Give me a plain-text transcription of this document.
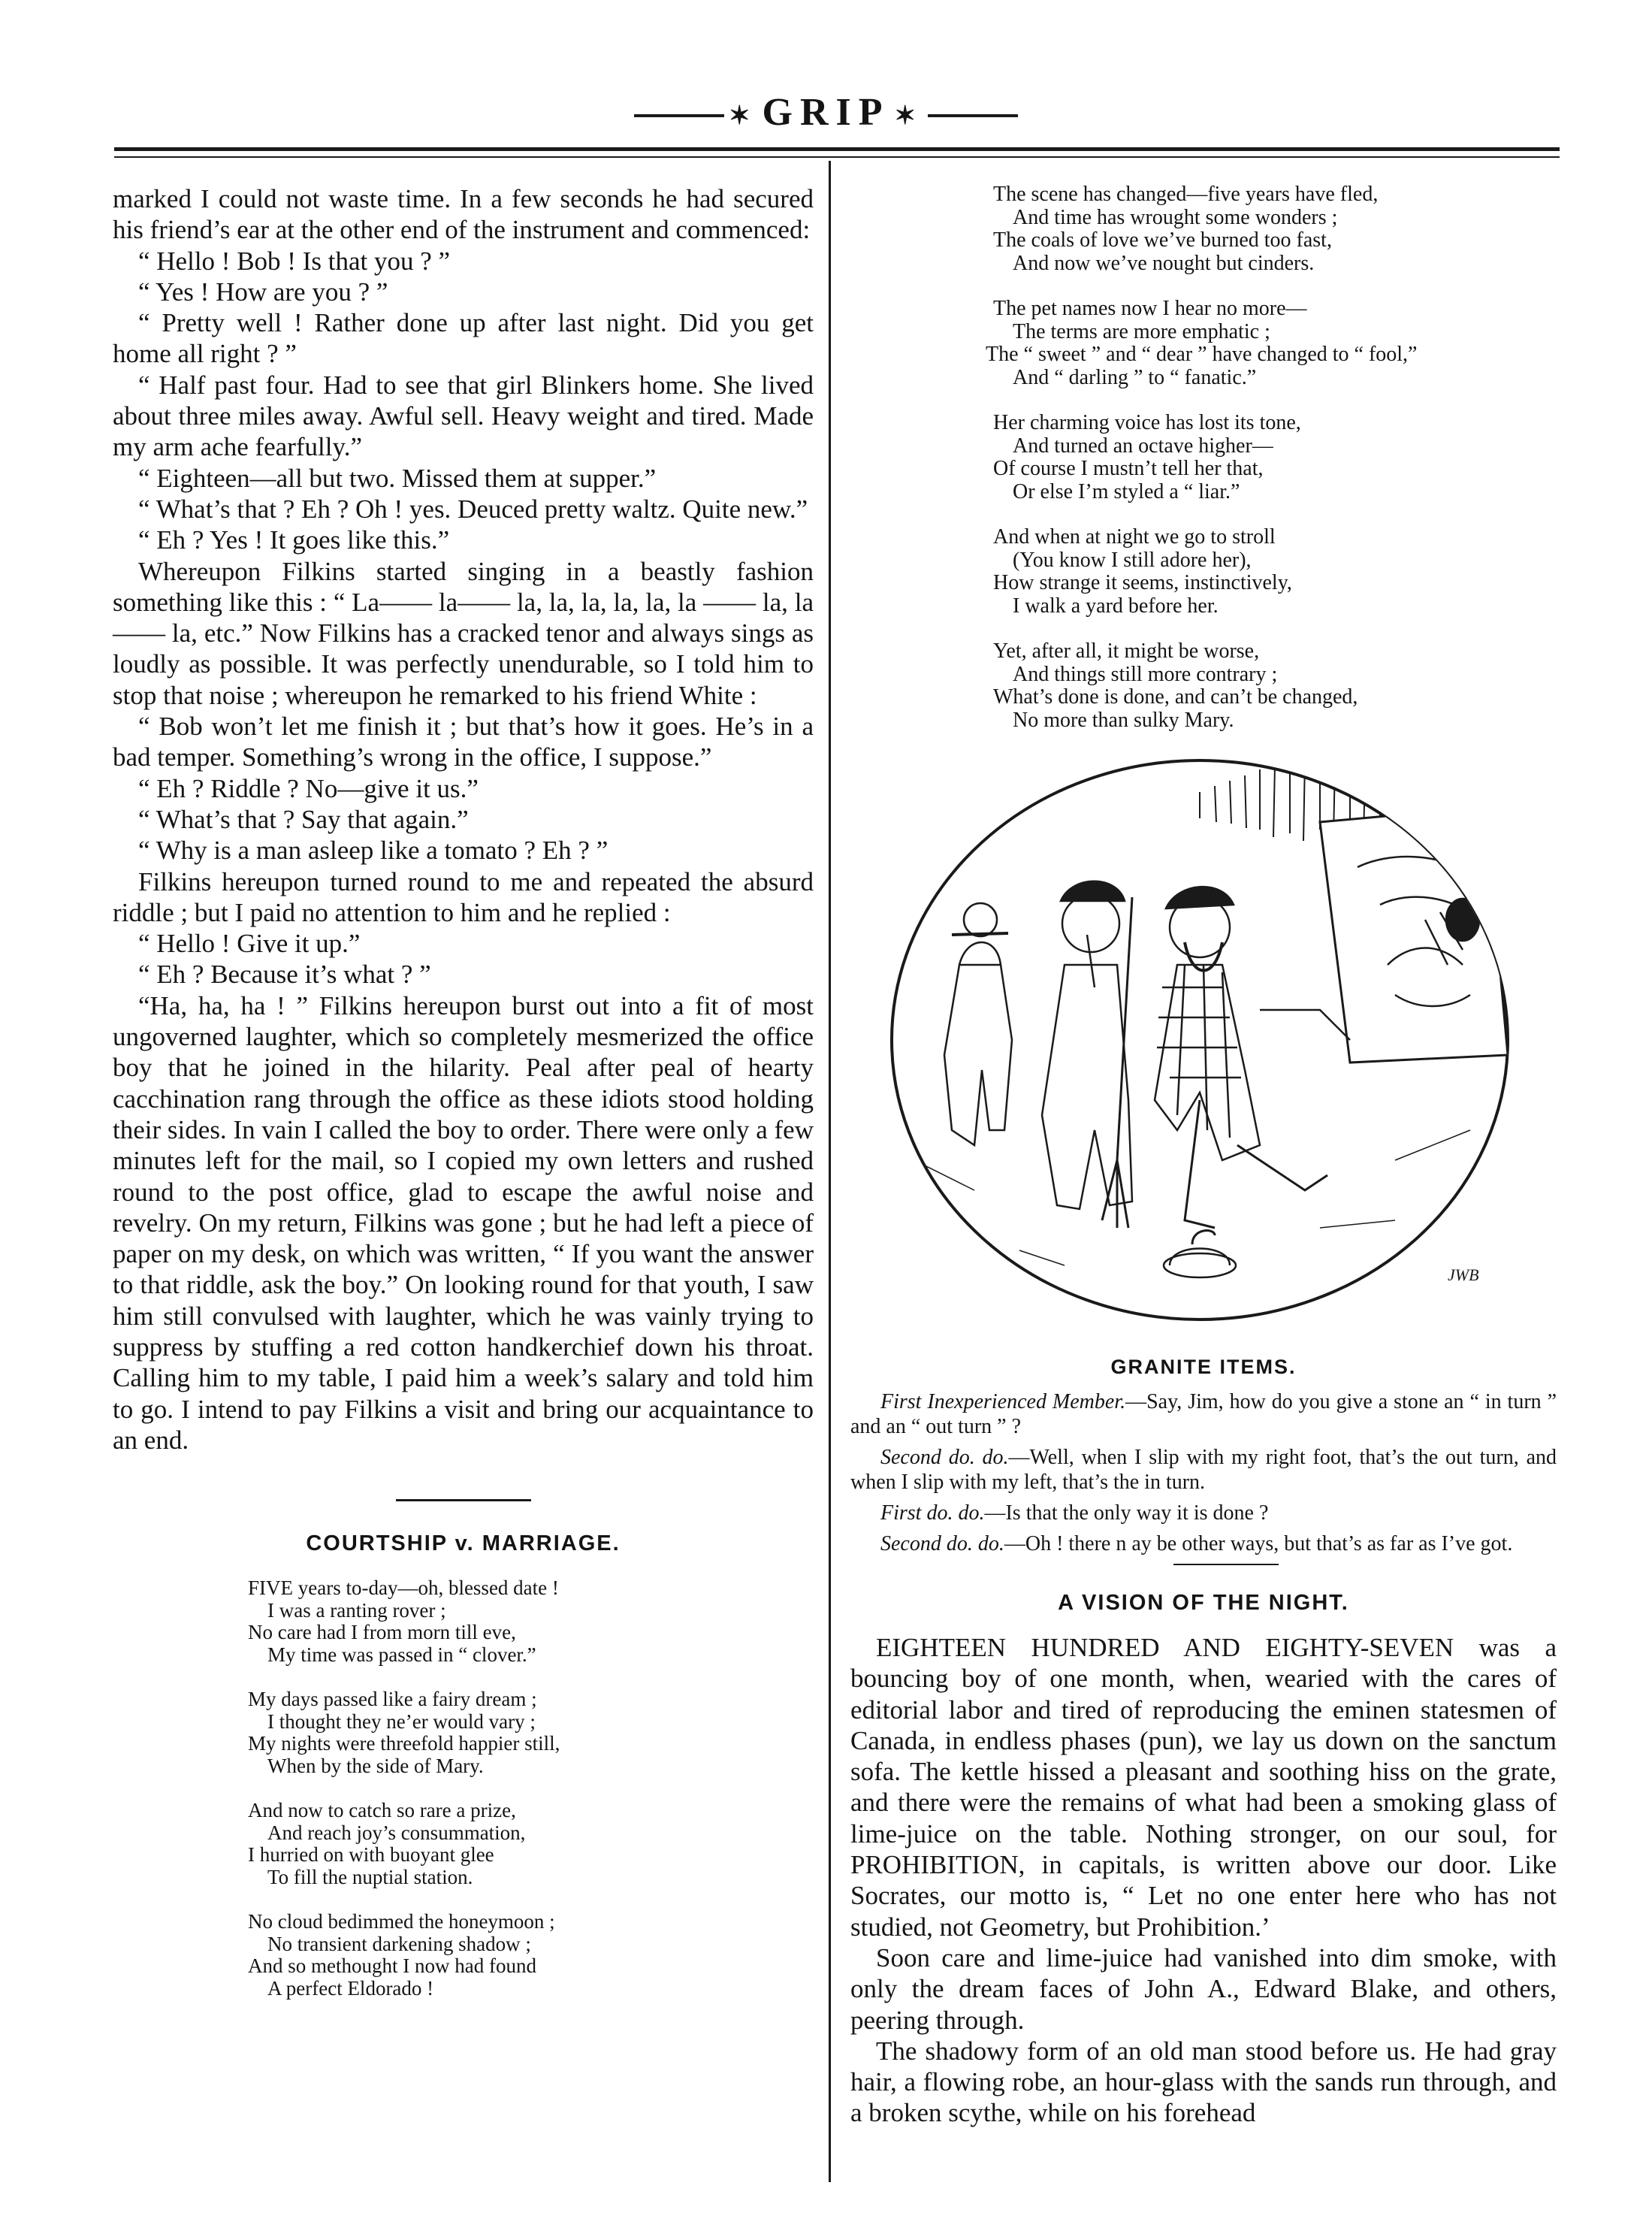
✶ GRIP ✶

marked I could not waste time. In a few seconds he had secured his friend’s ear at the other end of the instrument and commenced:

“ Hello ! Bob ! Is that you ? ”

“ Yes ! How are you ? ”

“ Pretty well ! Rather done up after last night. Did you get home all right ? ”

“ Half past four. Had to see that girl Blinkers home. She lived about three miles away. Awful sell. Heavy weight and tired. Made my arm ache fearfully.”

“ Eighteen—all but two. Missed them at supper.”

“ What’s that ? Eh ? Oh ! yes. Deuced pretty waltz. Quite new.”

“ Eh ? Yes ! It goes like this.”

Whereupon Filkins started singing in a beastly fashion something like this : “ La—— la—— la, la, la, la, la, la —— la, la—— la, etc.” Now Filkins has a cracked tenor and always sings as loudly as possible. It was perfectly unendurable, so I told him to stop that noise ; whereupon he remarked to his friend White :

“ Bob won’t let me finish it ; but that’s how it goes. He’s in a bad temper. Something’s wrong in the office, I suppose.”

“ Eh ? Riddle ? No—give it us.”

“ What’s that ? Say that again.”

“ Why is a man asleep like a tomato ? Eh ? ”

Filkins hereupon turned round to me and repeated the absurd riddle ; but I paid no attention to him and he replied :

“ Hello ! Give it up.”

“ Eh ? Because it’s what ? ”

“Ha, ha, ha ! ” Filkins hereupon burst out into a fit of most ungoverned laughter, which so completely mesmerized the office boy that he joined in the hilarity. Peal after peal of hearty cacchination rang through the office as these idiots stood holding their sides. In vain I called the boy to order. There were only a few minutes left for the mail, so I copied my own letters and rushed round to the post office, glad to escape the awful noise and revelry. On my return, Filkins was gone ; but he had left a piece of paper on my desk, on which was written, “ If you want the answer to that riddle, ask the boy.” On looking round for that youth, I saw him still convulsed with laughter, which he was vainly trying to suppress by stuffing a red cotton handkerchief down his throat. Calling him to my table, I paid him a week’s salary and told him to go. I intend to pay Filkins a visit and bring our acquaintance to an end.

COURTSHIP v. MARRIAGE.
FIVE years to-day—oh, blessed date !
I was a ranting rover ;
No care had I from morn till eve,
My time was passed in “ clover.”
My days passed like a fairy dream ;
I thought they ne’er would vary ;
My nights were threefold happier still,
When by the side of Mary.
And now to catch so rare a prize,
And reach joy’s consummation,
I hurried on with buoyant glee
To fill the nuptial station.
No cloud bedimmed the honeymoon ;
No transient darkening shadow ;
And so methought I now had found
A perfect Eldorado !
The scene has changed—five years have fled,
And time has wrought some wonders ;
The coals of love we’ve burned too fast,
And now we’ve nought but cinders.
The pet names now I hear no more—
The terms are more emphatic ;
The “ sweet ” and “ dear ” have changed to “ fool,”
And “ darling ” to “ fanatic.”
Her charming voice has lost its tone,
And turned an octave higher—
Of course I mustn’t tell her that,
Or else I’m styled a “ liar.”
And when at night we go to stroll
(You know I still adore her),
How strange it seems, instinctively,
I walk a yard before her.
Yet, after all, it might be worse,
And things still more contrary ;
What’s done is done, and can’t be changed,
No more than sulky Mary.
JWB
GRANITE ITEMS.

First Inexperienced Member.—Say, Jim, how do you give a stone an “ in turn ” and an “ out turn ” ?

Second do. do.—Well, when I slip with my right foot, that’s the out turn, and when I slip with my left, that’s the in turn.

First do. do.—Is that the only way it is done ?

Second do. do.—Oh ! there n ay be other ways, but that’s as far as I’ve got.

A VISION OF THE NIGHT.

EIGHTEEN HUNDRED AND EIGHTY-SEVEN was a bouncing boy of one month, when, wearied with the cares of editorial labor and tired of reproducing the eminen statesmen of Canada, in endless phases (pun), we lay us down on the sanctum sofa. The kettle hissed a pleasant and soothing hiss on the grate, and there were the remains of what had been a smoking glass of lime-juice on the table. Nothing stronger, on our soul, for PROHIBITION, in capitals, is written above our door. Like Socrates, our motto is, “ Let no one enter here who has not studied, not Geometry, but Prohibition.’

Soon care and lime-juice had vanished into dim smoke, with only the dream faces of John A., Edward Blake, and others, peering through.

The shadowy form of an old man stood before us. He had gray hair, a flowing robe, an hour-glass with the sands run through, and a broken scythe, while on his forehead
